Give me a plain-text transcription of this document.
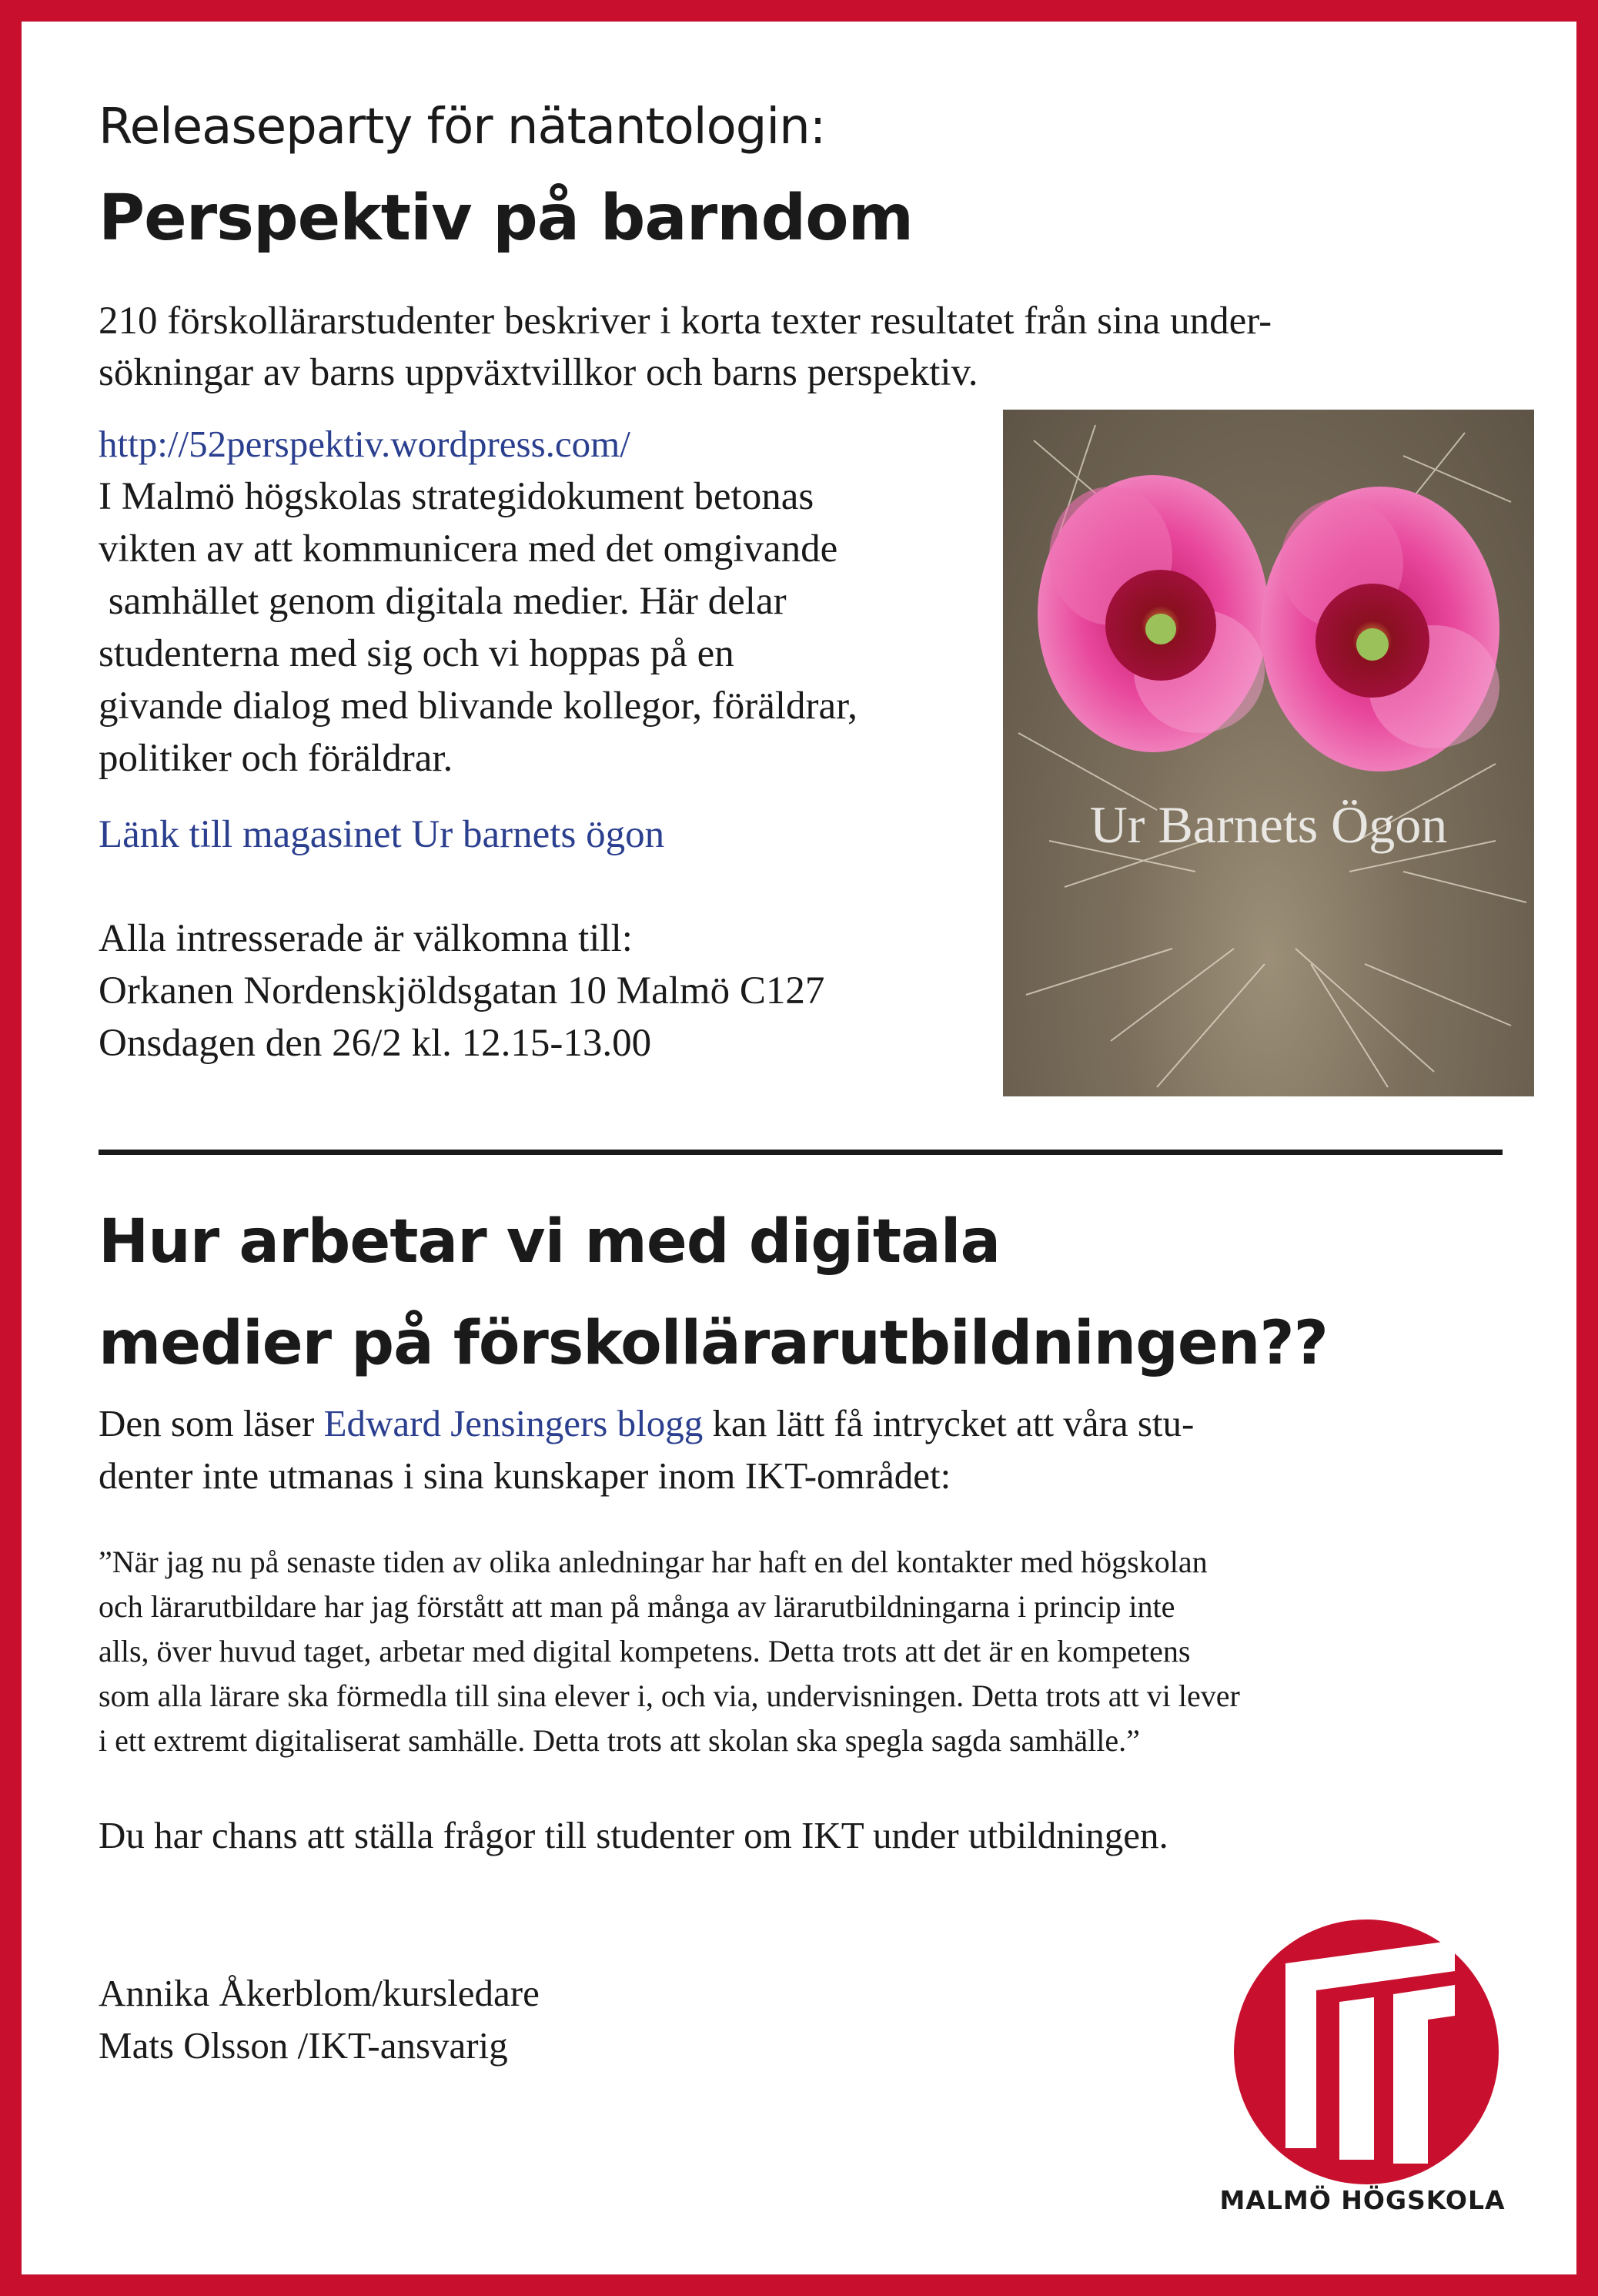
Releaseparty för nätantologin:
Perspektiv på barndom
210 förskollärarstudenter beskriver i korta texter resultatet från sina under-
sökningar av barns uppväxtvillkor och barns perspektiv.
http://52perspektiv.wordpress.com/
I Malmö högskolas strategidokument betonas
vikten av att kommunicera med det omgivande
samhället genom digitala medier. Här delar
studenterna med sig och vi hoppas på en
givande dialog med blivande kollegor, föräldrar,
politiker och föräldrar.
Länk till magasinet Ur barnets ögon
Alla intresserade är välkomna till:
Orkanen Nordenskjöldsgatan 10 Malmö C127
Onsdagen den 26/2 kl. 12.15-13.00
Ur Barnets Ögon
Hur arbetar vi med digitala
medier på förskollärarutbildningen??
Den som läser Edward Jensingers blogg kan lätt få intrycket att våra stu-
denter inte utmanas i sina kunskaper inom IKT-området:
”När jag nu på senaste tiden av olika anledningar har haft en del kontakter med högskolan
och lärarutbildare har jag förstått att man på många av lärarutbildningarna i princip inte
alls, över huvud taget, arbetar med digital kompetens. Detta trots att det är en kompetens
som alla lärare ska förmedla till sina elever i, och via, undervisningen. Detta trots att vi lever
i ett extremt digitaliserat samhälle. Detta trots att skolan ska spegla sagda samhälle.”
Du har chans att ställa frågor till studenter om IKT under utbildningen.
Annika Åkerblom/kursledare
Mats Olsson /IKT-ansvarig
MALMÖ HÖGSKOLA
